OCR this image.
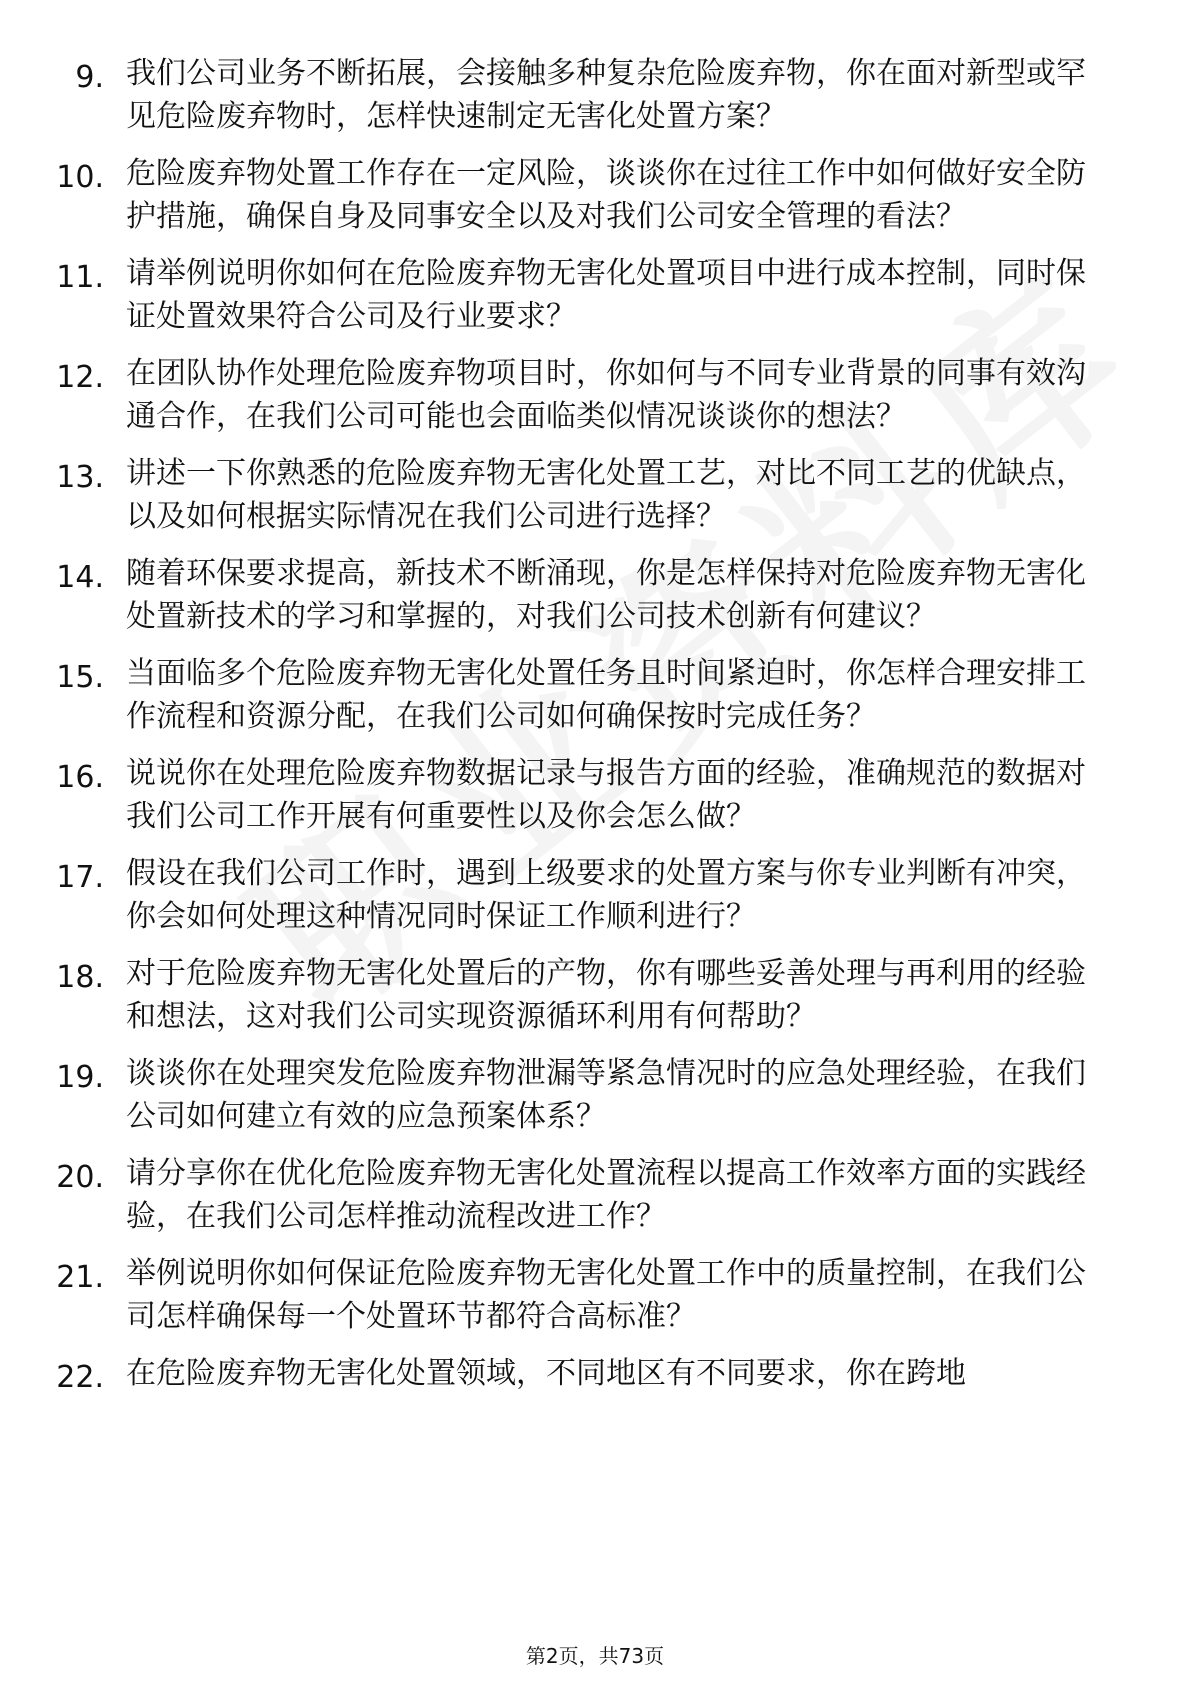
9. 我们公司业务不断拓展，会接触多种复杂危险废弃物，你在面对新型或罕见危险废弃物时，怎样快速制定无害化处置方案？
10. 危险废弃物处置工作存在一定风险，谈谈你在过往工作中如何做好安全防护措施，确保自身及同事安全以及对我们公司安全管理的看法？
11. 请举例说明你如何在危险废弃物无害化处置项目中进行成本控制，同时保证处置效果符合公司及行业要求？
12. 在团队协作处理危险废弃物项目时，你如何与不同专业背景的同事有效沟通合作，在我们公司可能也会面临类似情况谈谈你的想法？
13. 讲述一下你熟悉的危险废弃物无害化处置工艺，对比不同工艺的优缺点，以及如何根据实际情况在我们公司进行选择？
14. 随着环保要求提高，新技术不断涌现，你是怎样保持对危险废弃物无害化处置新技术的学习和掌握的，对我们公司技术创新有何建议？
15. 当面临多个危险废弃物无害化处置任务且时间紧迫时，你怎样合理安排工作流程和资源分配，在我们公司如何确保按时完成任务？
16. 说说你在处理危险废弃物数据记录与报告方面的经验，准确规范的数据对我们公司工作开展有何重要性以及你会怎么做？
17. 假设在我们公司工作时，遇到上级要求的处置方案与你专业判断有冲突，你会如何处理这种情况同时保证工作顺利进行？
18. 对于危险废弃物无害化处置后的产物，你有哪些妥善处理与再利用的经验和想法，这对我们公司实现资源循环利用有何帮助？
19. 谈谈你在处理突发危险废弃物泄漏等紧急情况时的应急处理经验，在我们公司如何建立有效的应急预案体系？
20. 请分享你在优化危险废弃物无害化处置流程以提高工作效率方面的实践经验，在我们公司怎样推动流程改进工作？
21. 举例说明你如何保证危险废弃物无害化处置工作中的质量控制，在我们公司怎样确保每一个处置环节都符合高标准？
22. 在危险废弃物无害化处置领域，不同地区有不同要求，你在跨地
第2页，共73页
